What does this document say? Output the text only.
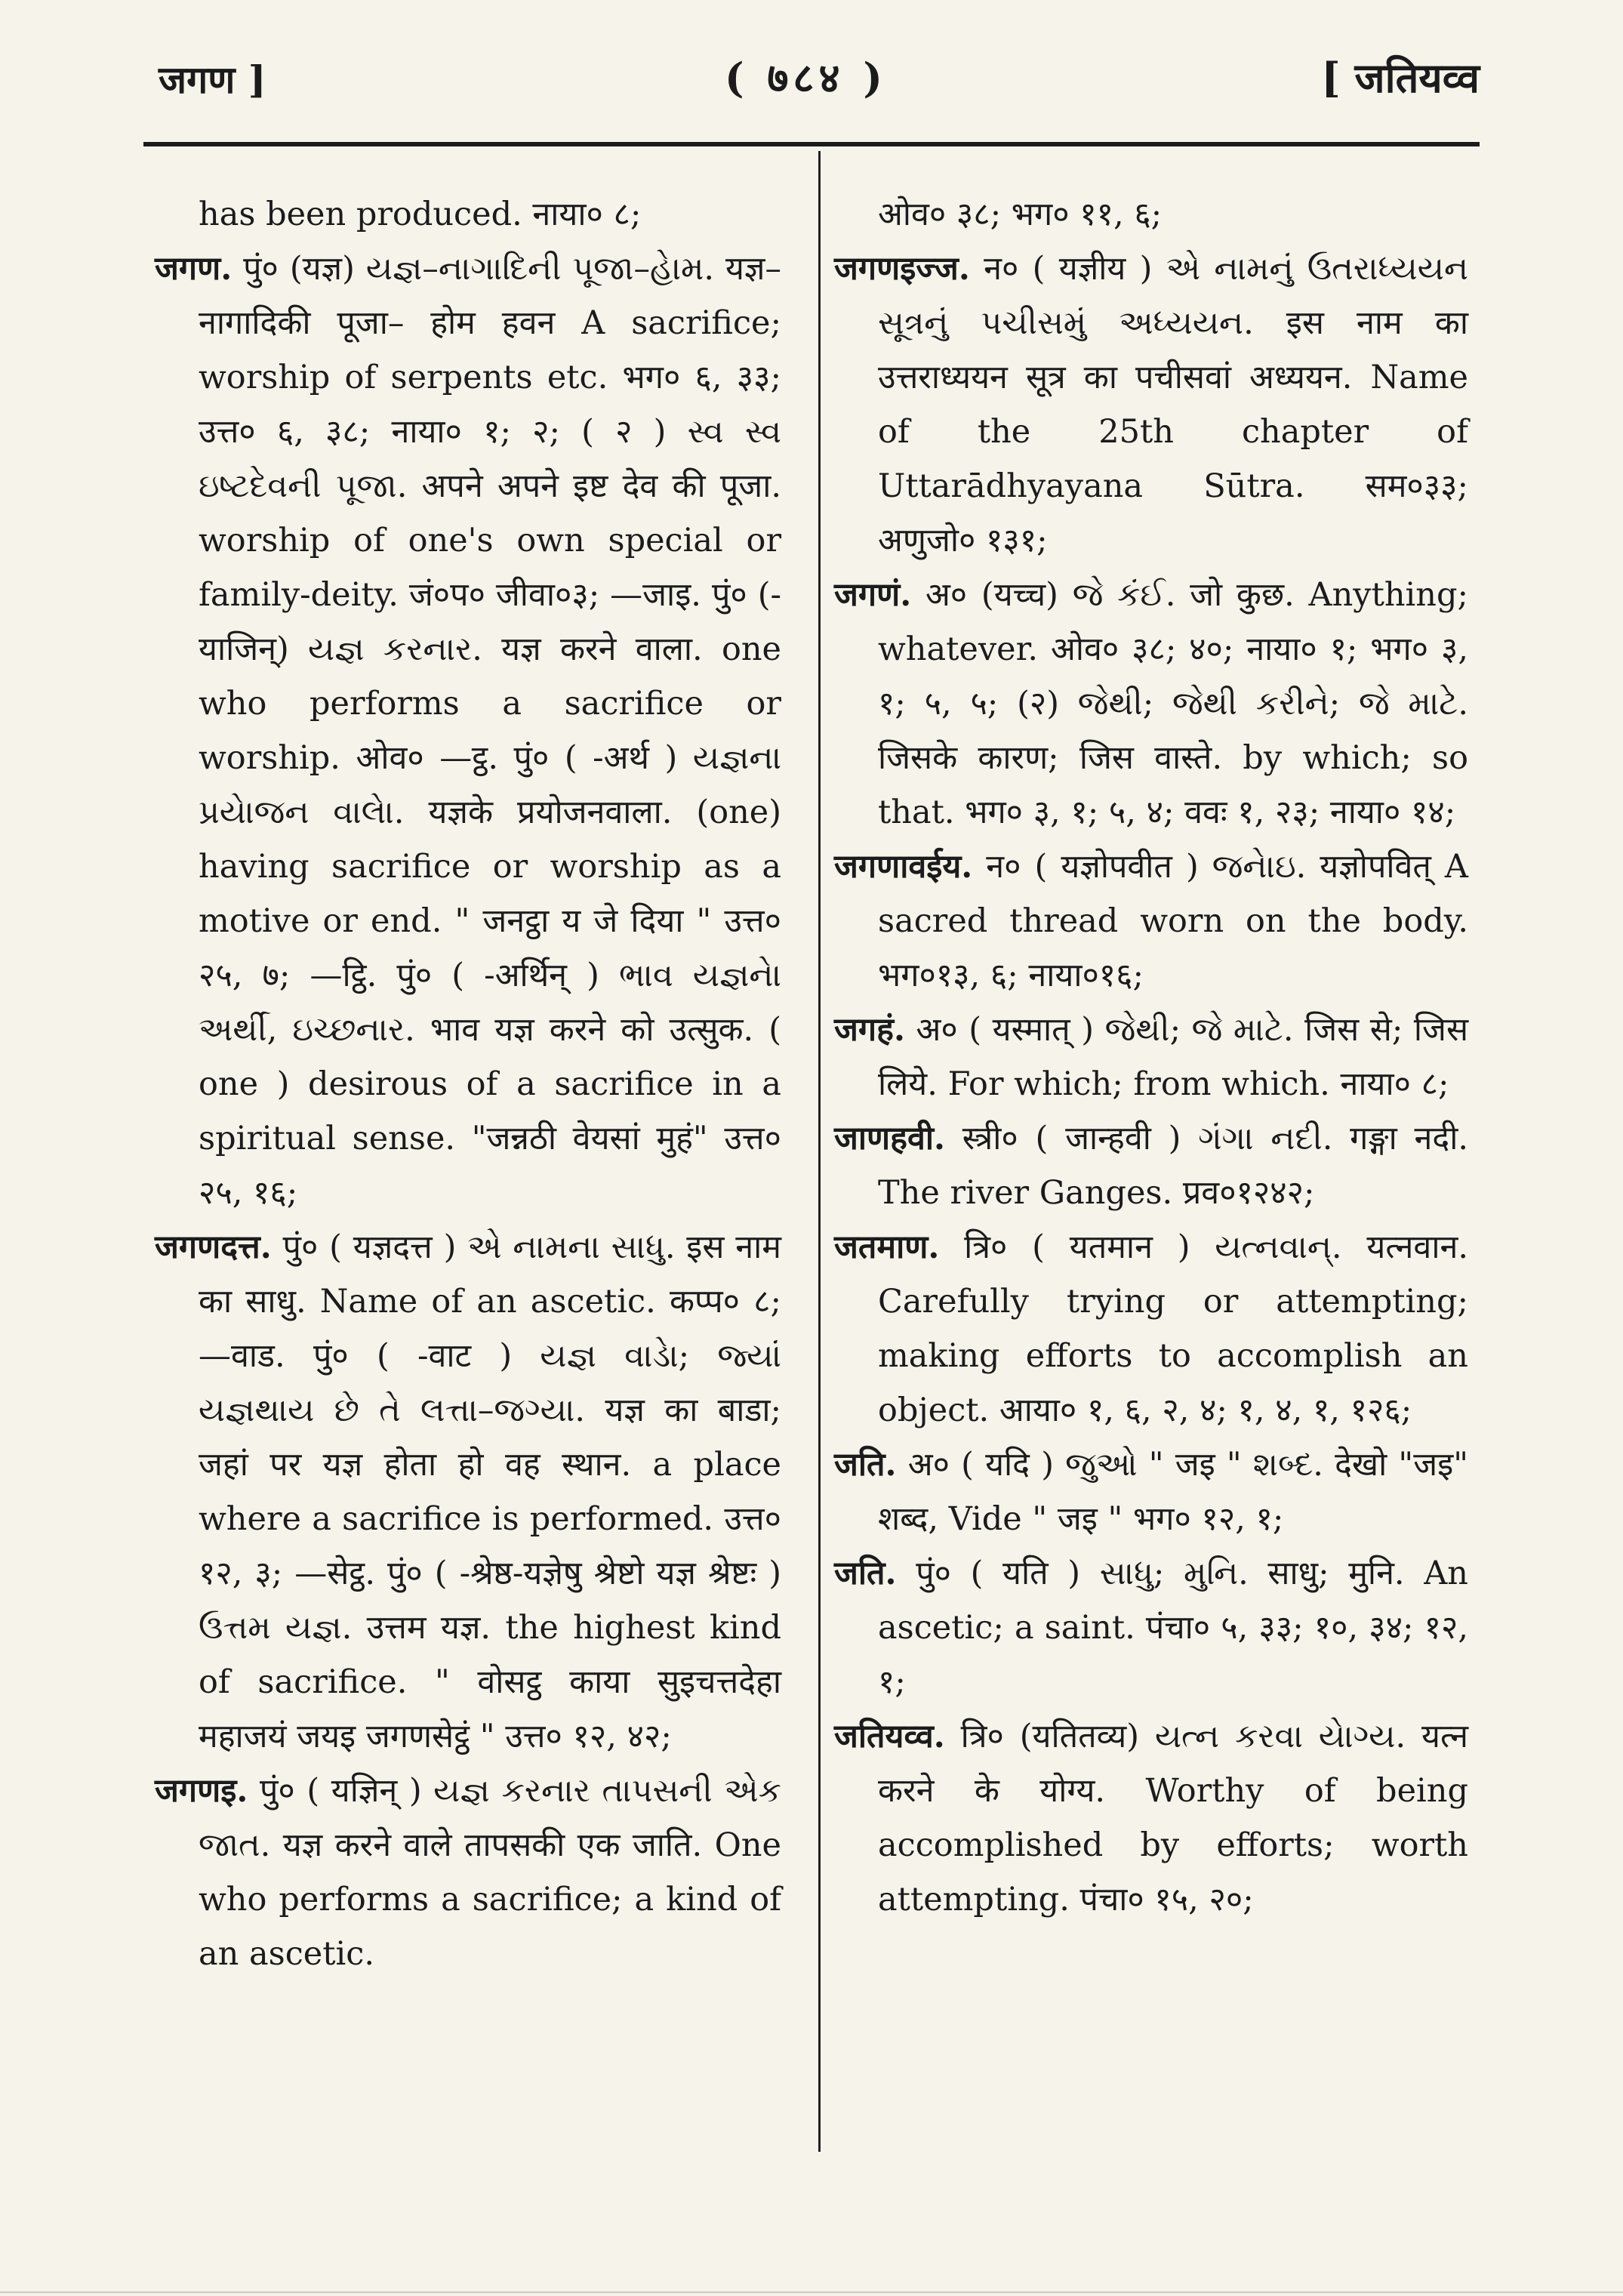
जगण ]	( ७८४ )	[ जतियव्व

has been produced. नाया० ८;

जगण. पुं० (यज्ञ) યજ્ઞ–નાગાદિની પૂજા–હેામ. यज्ञ–नागादिकी पूजा– होम हवन A sacrifice; worship of serpents etc. भग० ६, ३३; उत्त० ६, ३८; नाया० १; २; ( २ ) સ્વ સ્વ ઇષ્ટદેવની પૂજા. अपने अपने इष्ट देव की पूजा. worship of one's own special or family-deity. जं०प० जीवा०३; —जाइ. पुं० (-याजिन्) યજ્ઞ કરનાર. यज्ञ करने वाला. one who performs a sacrifice or worship. ओव० —ट्ठ. पुं० ( -अर्थ ) યજ્ઞના પ્રયેાજન વાલેા. यज्ञके प्रयोजनवाला. (one) having sacrifice or worship as a motive or end. " जनट्ठा य जे दिया " उत्त० २५, ७; —ट्ठि. पुं० ( -अर्थिन् ) ભાવ યજ્ઞનેા અર્થી, ઇચ્છનાર. भाव यज्ञ करने को उत्सुक. ( one ) desirous of a sacrifice in a spiritual sense. "जन्नठी वेयसां मुहं" उत्त० २५, १६;

जगणदत्त. पुं० ( यज्ञदत्त ) એ નામના સાધુ. इस नाम का साधु. Name of an ascetic. कप्प० ८; —वाड. पुं० ( -वाट ) યજ્ઞ વાડેા; જ્યાં યજ્ઞથાય છે તે લત્તા–જગ્યા. यज्ञ का बाडा; जहां पर यज्ञ होता हो वह स्थान. a place where a sacrifice is performed. उत्त० १२, ३; —सेट्ठ. पुं० ( -श्रेष्ठ-यज्ञेषु श्रेष्टो यज्ञ श्रेष्टः ) ઉત્તમ યજ્ઞ. उत्तम यज्ञ. the highest kind of sacrifice. " वोसट्ठ काया सुइचत्तदेहा महाजयं जयइ जगणसेट्ठं " उत्त० १२, ४२;

जगणइ. पुं० ( यज्ञिन् ) યજ્ઞ કરનાર તાપસની એક જાત. यज्ञ करने वाले तापसकी एक जाति. One who performs a sacrifice; a kind of an ascetic.

ओव० ३८; भग० ११, ६;

जगणइज्ज. न० ( यज्ञीय ) એ નામનું ઉતરાધ્યયન સૂત્રનું પચીસમું અધ્યયન. इस नाम का उत्तराध्ययन सूत्र का पचीसवां अध्ययन. Name of the 25th chapter of Uttarādhyayana Sūtra. सम०३३; अणुजो० १३१;

जगणं. अ० (यच्च) જે કંઈ. जो कुछ. Anything; whatever. ओव० ३८; ४०; नाया० १; भग० ३, १; ५, ५; (२) જેથી; જેથી કરીને; જે માટે. जिसके कारण; जिस वास्ते. by which; so that. भग० ३, १; ५, ४; ववः १, २३; नाया० १४;

जगणावईय. न० ( यज्ञोपवीत ) જનેાઇ. यज्ञोपवित् A sacred thread worn on the body. भग०१३, ६; नाया०१६;

जगहं. अ० ( यस्मात् ) જેથી; જે માટે. जिस से; जिस लिये. For which; from which. नाया० ८;

जाणहवी. स्त्री० ( जान्हवी ) ગંગા નદી. गङ्गा नदी. The river Ganges. प्रव०१२४२;

जतमाण. त्रि० ( यतमान ) યત્નવાન્. यत्नवान. Carefully trying or attempting; making efforts to accomplish an object. आया० १, ६, २, ४; १, ४, १, १२६;

जति. अ० ( यदि ) જુઓ " जइ " શબ્દ. देखो "जइ" शब्द, Vide " जइ " भग० १२, १;

जति. पुं० ( यति ) સાધુ; મુનિ. साधु; मुनि. An ascetic; a saint. पंचा० ५, ३३; १०, ३४; १२, १;

जतियव्व. त्रि० (यतितव्य) યત્ન કરવા યેાગ્ય. यत्न करने के योग्य. Worthy of being accomplished by efforts; worth attempting. पंचा० १५, २०;
